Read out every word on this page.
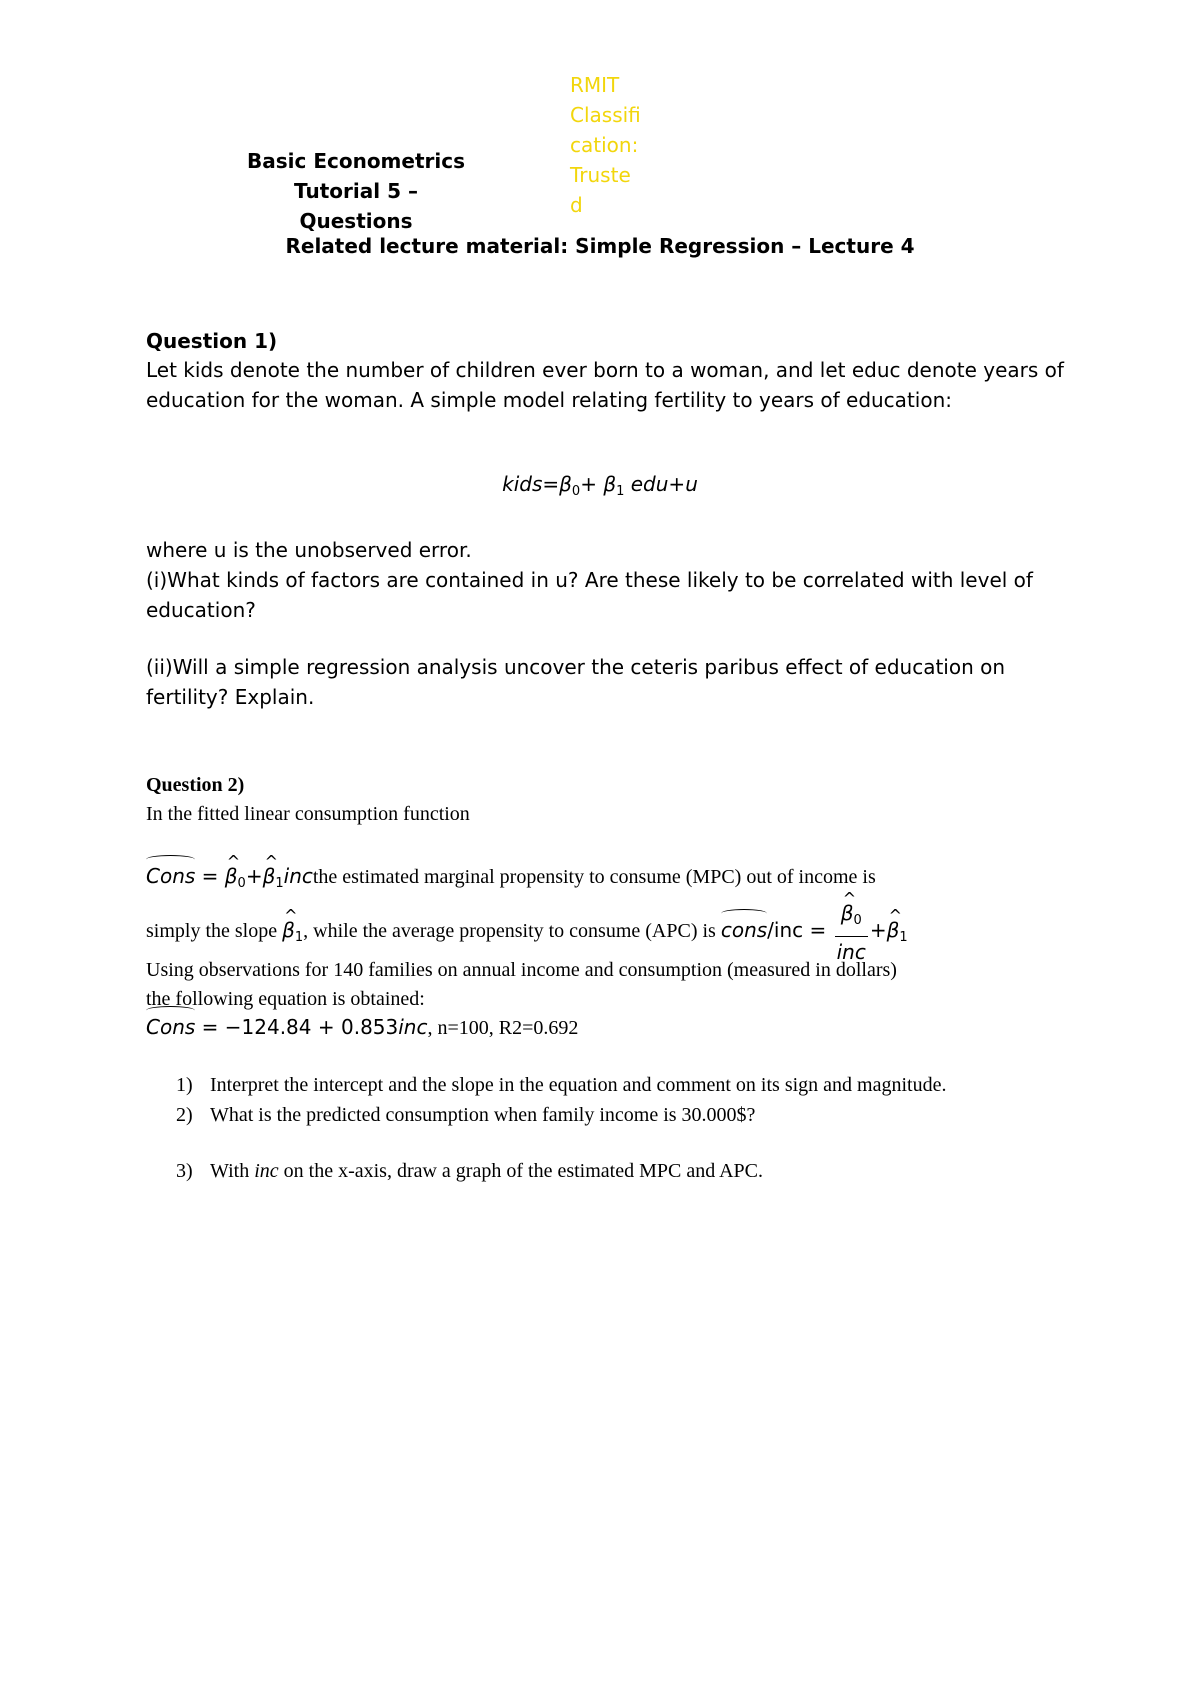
Basic Econometrics
Tutorial 5 – Questions
RMIT
Classifi
cation:
Truste
d
Related lecture material: Simple Regression – Lecture 4
Question 1)
Let kids denote the number of children ever born to a woman, and let educ denote years of
education for the woman. A simple model relating fertility to years of education:
$kids=\beta_0+ \beta_1$ edu+u
where u is the unobserved error.
(i)What kinds of factors are contained in u? Are these likely to be correlated with level of education?
(ii)Will a simple regression analysis uncover the ceteris paribus effect of education on fertility? Explain.
Question 2)
In the fitted linear consumption function
Cons = ^ $\beta_0+\^{}$ $\beta_1incthe$ estimated marginal propensity to consume (MPC) out of income is
simply the slope ^ $\beta_1$, while the average propensity to consume (APC) is cons/inc =
^ $\frac{\beta_0}{\text{inc}}$ +^ $\beta_1$
Using observations for 140 families on annual income and consumption (measured in dollars)
the following equation is obtained:
Cons = −124.84 + 0.853inc, n=100, R2=0.692
1) Interpret the intercept and the slope in the equation and comment on its sign and magnitude.
2) What is the predicted consumption when family income is 30.000$?
3) With inc on the x-axis, draw a graph of the estimated MPC and APC.
